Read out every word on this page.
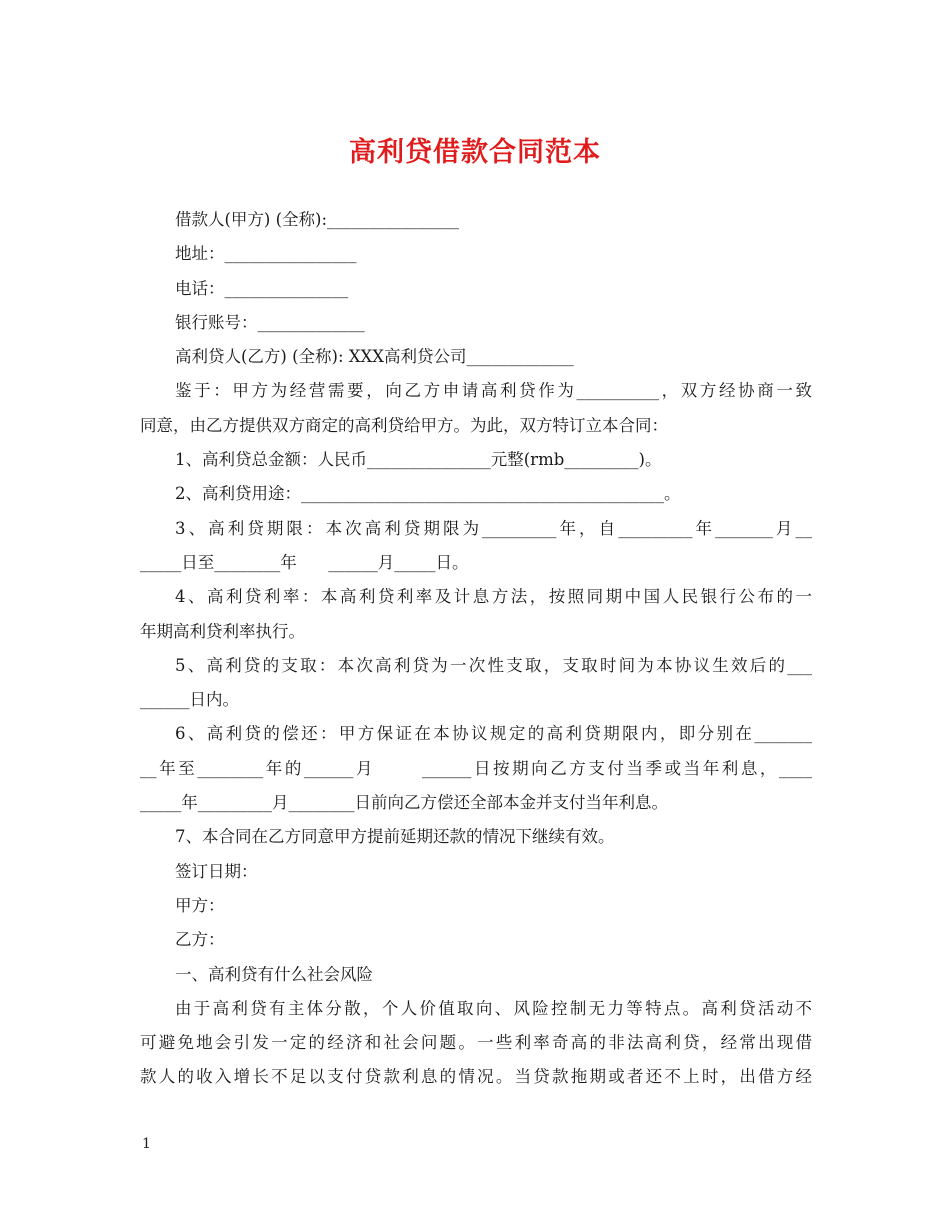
高利贷借款合同范本
借款人(甲方) (全称):________________
地址：________________
电话：_______________
银行账号：_____________
高利贷人(乙方) (全称): XXX高利贷公司_____________
鉴于：甲方为经营需要，向乙方申请高利贷作为__________，双方经协商一致
同意，由乙方提供双方商定的高利贷给甲方。为此，双方特订立本合同：
1、高利贷总金额：人民币_______________元整(rmb_________)。
2、高利贷用途：____________________________________________。
3、高利贷期限：本次高利贷期限为_________年，自_________年_______月__
_____日至________年      ______月_____日。
4、高利贷利率：本高利贷利率及计息方法，按照同期中国人民银行公布的一
年期高利贷利率执行。
5、高利贷的支取：本次高利贷为一次性支取，支取时间为本协议生效后的___
______日内。
6、高利贷的偿还：甲方保证在本协议规定的高利贷期限内，即分别在_______
__年至________年的______月      ______日按期向乙方支付当季或当年利息，____
_____年_________月________日前向乙方偿还全部本金并支付当年利息。
7、本合同在乙方同意甲方提前延期还款的情况下继续有效。
签订日期：
甲方：
乙方：
一、高利贷有什么社会风险
由于高利贷有主体分散，个人价值取向、风险控制无力等特点。高利贷活动不
可避免地会引发一定的经济和社会问题。一些利率奇高的非法高利贷，经常出现借
款人的收入增长不足以支付贷款利息的情况。当贷款拖期或者还不上时，出借方经
1
